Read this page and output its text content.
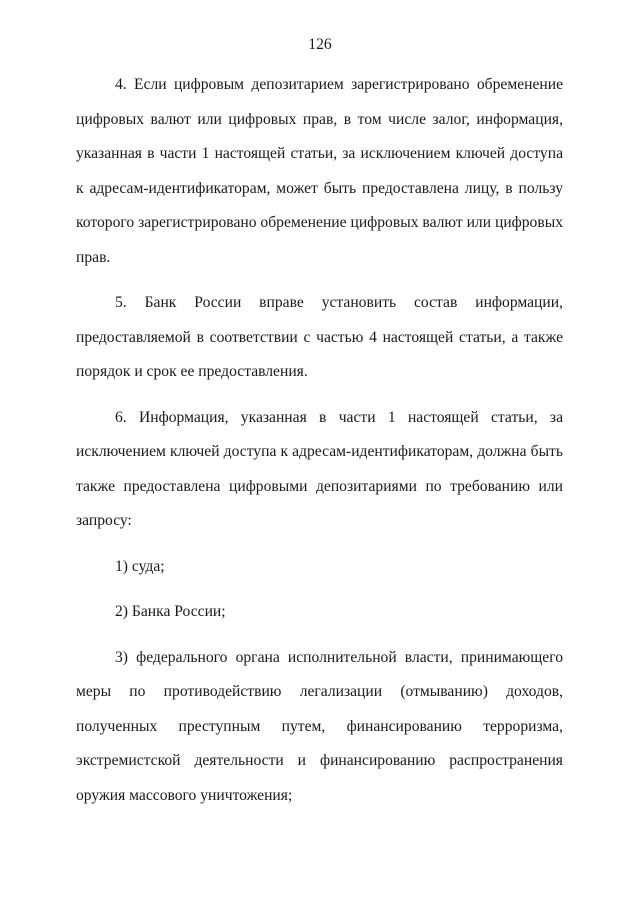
126

4. Если цифровым депозитарием зарегистрировано обременение цифровых валют или цифровых прав, в том числе залог, информация, указанная в части 1 настоящей статьи, за исключением ключей доступа к адресам-идентификаторам, может быть предоставлена лицу, в пользу которого зарегистрировано обременение цифровых валют или цифровых прав.

5. Банк России вправе установить состав информации, предоставляемой в соответствии с частью 4 настоящей статьи, а также порядок и срок ее предоставления.

6. Информация, указанная в части 1 настоящей статьи, за исключением ключей доступа к адресам-идентификаторам, должна быть также предоставлена цифровыми депозитариями по требованию или запросу:

1) суда;

2) Банка России;

3) федерального органа исполнительной власти, принимающего меры по противодействию легализации (отмыванию) доходов, полученных преступным путем, финансированию терроризма, экстремистской деятельности и финансированию распространения оружия массового уничтожения;
